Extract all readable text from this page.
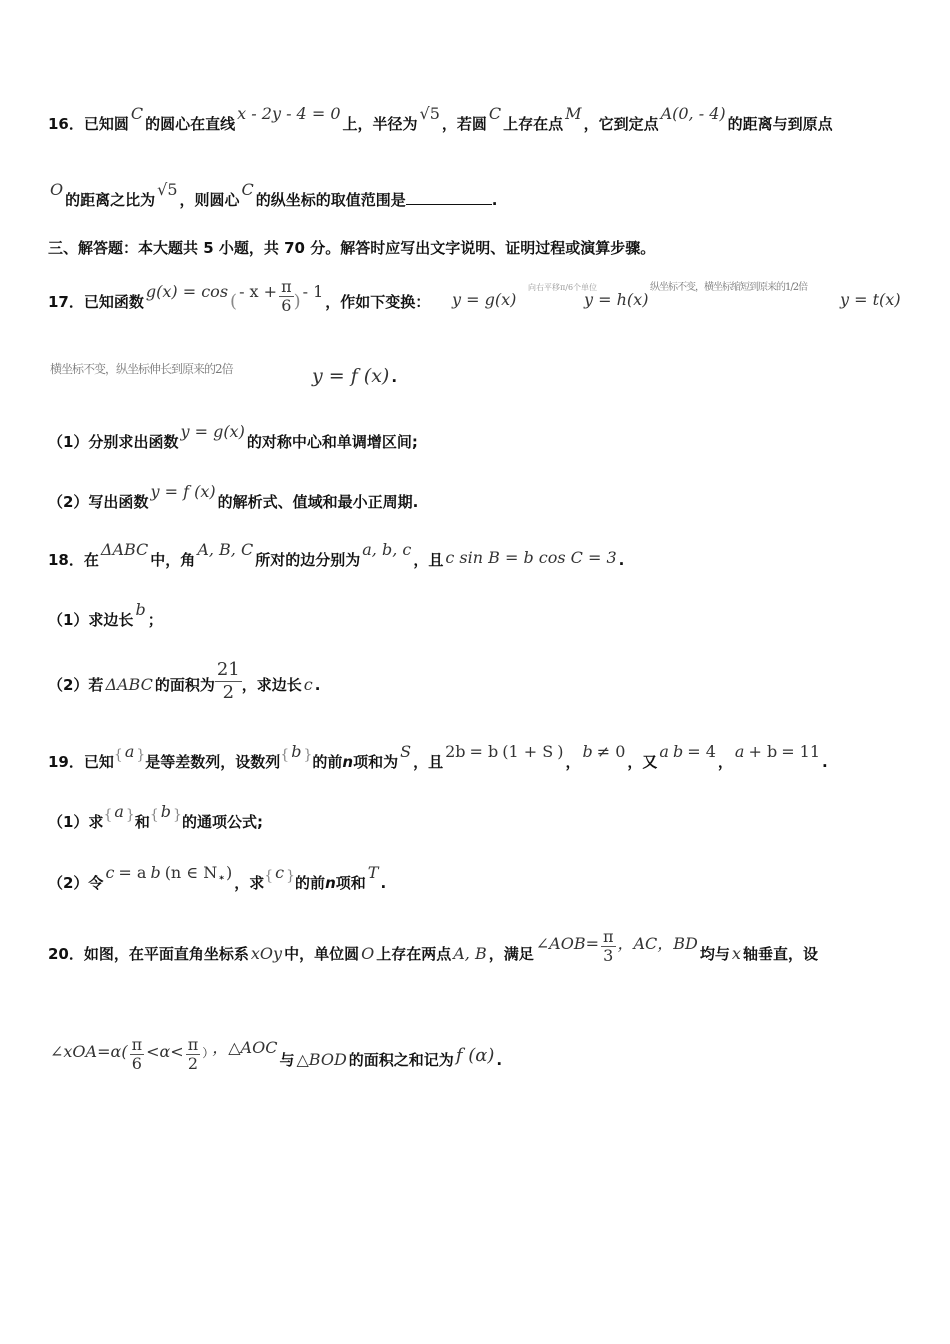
16．已知圆C的圆心在直线x - 2y - 4 = 0上，半径为√5，若圆C上存在点M，它到定点A(0, - 4)的距离与到原点
O的距离之比为√5，则圆心C的纵坐标的取值范围是	.
三、解答题：本大题共 5 小题，共 70 分。解答时应写出文字说明、证明过程或演算步骤。
17．已知函数g(x) = cos ( - $x + \frac{\pi}{6}$ ) - 1，作如下变换： y = g(x)
向右平移π/6个单位
y = h(x)
纵坐标不变，横坐标缩短到原来的1/2倍
y = t(x)
横坐标不变，纵坐标伸长到原来的2倍	y = f (x) .
（1）分别求出函数y = g(x)的对称中心和单调增区间;
（2）写出函数y = f (x)的解析式、值域和最小正周期.
18．在ΔABC中，角A, B, C所对的边分别为a, b, c，且 c sin B = b cos C = 3 .
（1）求边长b；
（2）若 ΔABC 的面积为 $\frac{21}{2}$ ，求边长 c .
19．已知{ a }是等差数列，设数列{ b }的前n项和为S，且2b = b (1 + S )，b ≠ 0，又a b = 4，a + b = 11.
（1）求{ a }和{ b }的通项公式;
（2）令c = a b (n ∈ N * )，求{ c }的前n项和T.
20．如图，在平面直角坐标系 xOy 中，单位圆 O 上存在两点 A, B ，满足∠AOB= $\frac{\pi}{3}$ ，AC，BD均与 x 轴垂直，设
∠xOA=α( $\frac{\pi}{6} <\alpha< \frac{\pi}{2} ^)$ ，△AOC与 △BOD 的面积之和记为 f (α) .
